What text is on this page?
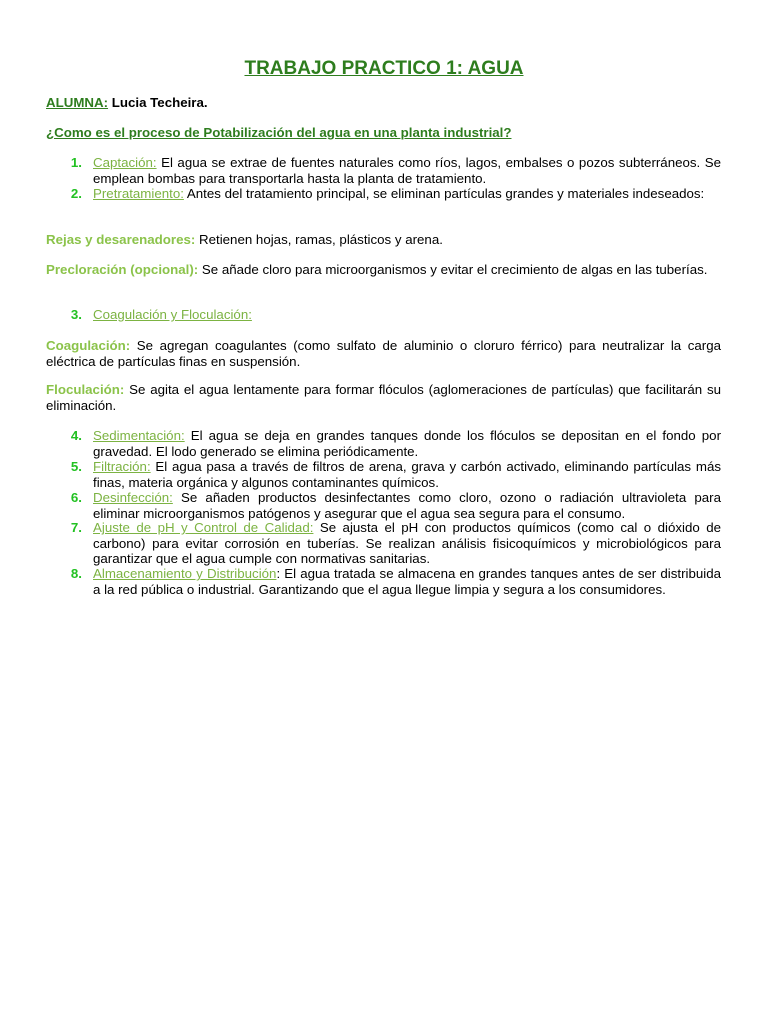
TRABAJO PRACTICO 1: AGUA
ALUMNA: Lucia Techeira.
¿Como es el proceso de Potabilización del agua en una planta industrial?
1. Captación: El agua se extrae de fuentes naturales como ríos, lagos, embalses o pozos subterráneos. Se emplean bombas para transportarla hasta la planta de tratamiento.
2. Pretratamiento: Antes del tratamiento principal, se eliminan partículas grandes y materiales indeseados:
Rejas y desarenadores: Retienen hojas, ramas, plásticos y arena.
Precloración (opcional): Se añade cloro para microorganismos y evitar el crecimiento de algas en las tuberías.
3. Coagulación y Floculación:
Coagulación: Se agregan coagulantes (como sulfato de aluminio o cloruro férrico) para neutralizar la carga eléctrica de partículas finas en suspensión.
Floculación: Se agita el agua lentamente para formar flóculos (aglomeraciones de partículas) que facilitarán su eliminación.
4. Sedimentación: El agua se deja en grandes tanques donde los flóculos se depositan en el fondo por gravedad. El lodo generado se elimina periódicamente.
5. Filtración: El agua pasa a través de filtros de arena, grava y carbón activado, eliminando partículas más finas, materia orgánica y algunos contaminantes químicos.
6. Desinfección: Se añaden productos desinfectantes como cloro, ozono o radiación ultravioleta para eliminar microorganismos patógenos y asegurar que el agua sea segura para el consumo.
7. Ajuste de pH y Control de Calidad: Se ajusta el pH con productos químicos (como cal o dióxido de carbono) para evitar corrosión en tuberías. Se realizan análisis fisicoquímicos y microbiológicos para garantizar que el agua cumple con normativas sanitarias.
8. Almacenamiento y Distribución: El agua tratada se almacena en grandes tanques antes de ser distribuida a la red pública o industrial. Garantizando que el agua llegue limpia y segura a los consumidores.
